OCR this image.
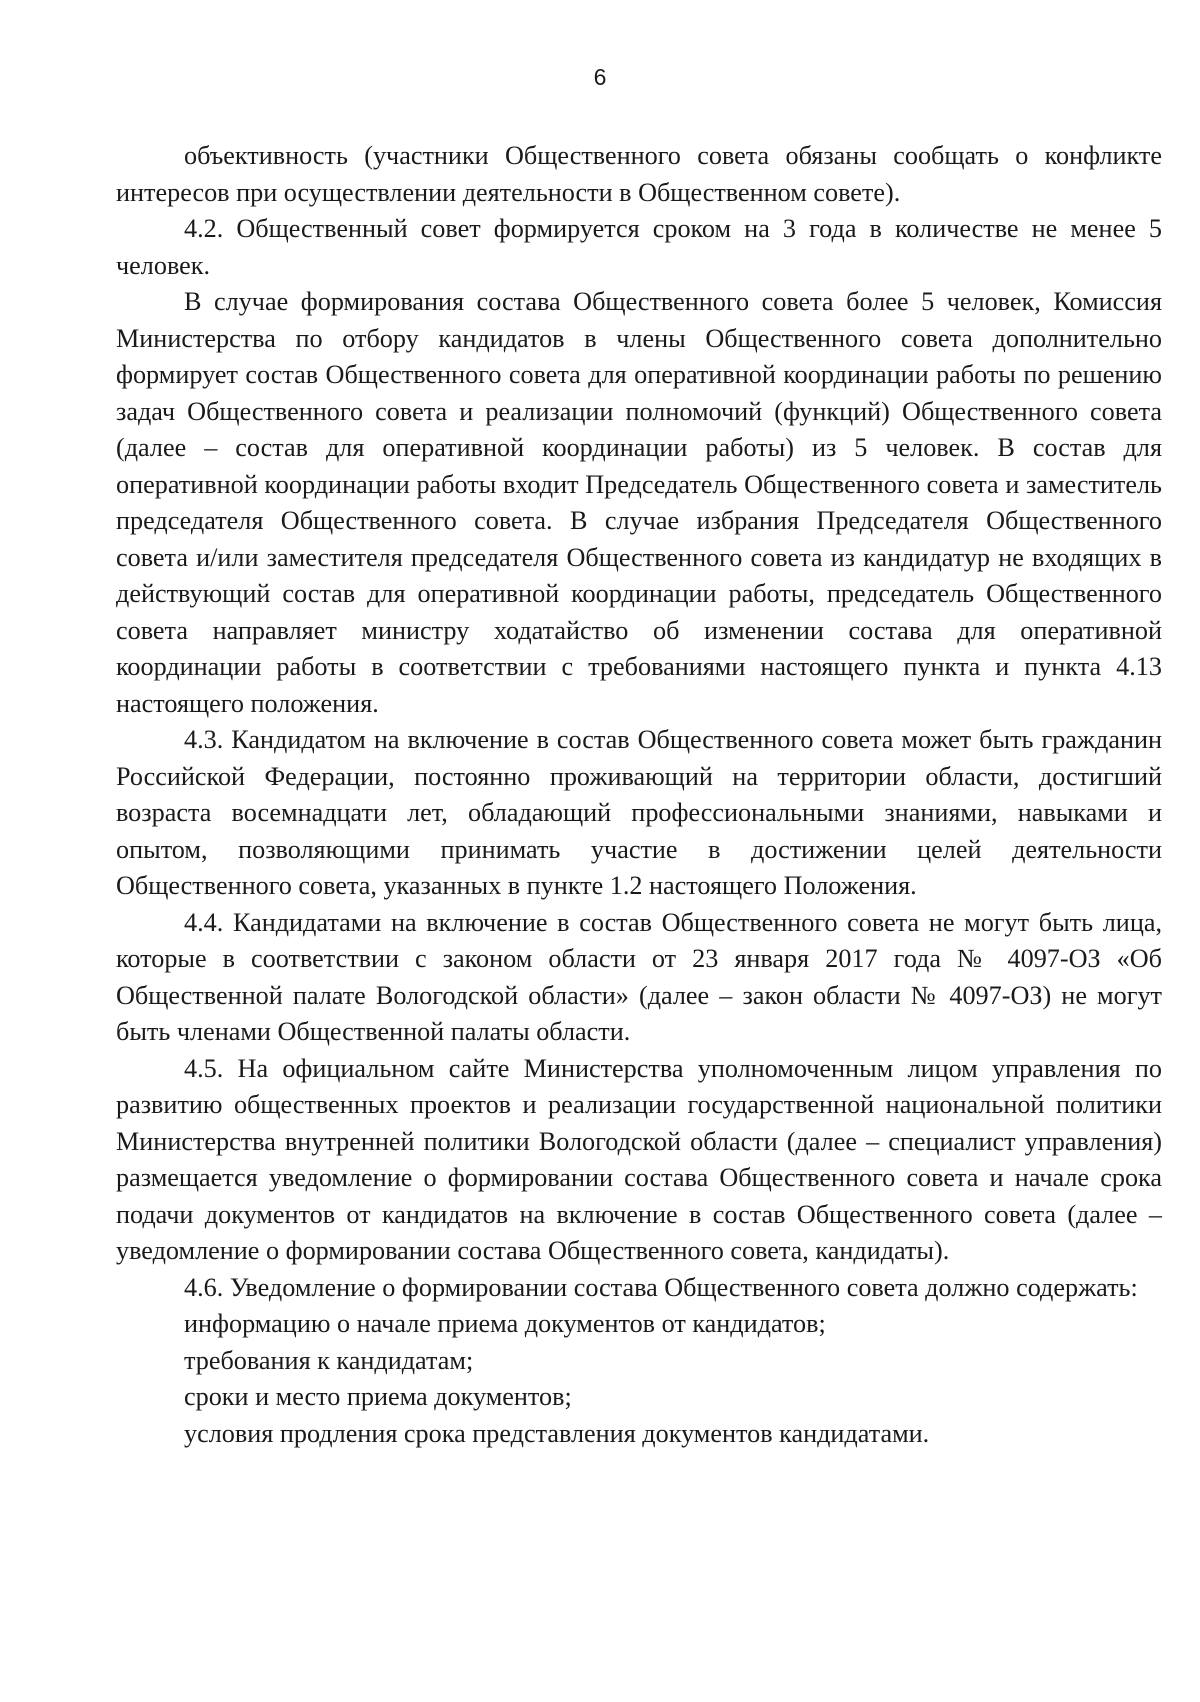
6

объективность (участники Общественного совета обязаны сообщать о конфликте интересов при осуществлении деятельности в Общественном совете).

4.2. Общественный совет формируется сроком на 3 года в количестве не менее 5 человек.

В случае формирования состава Общественного совета более 5 человек, Комиссия Министерства по отбору кандидатов в члены Общественного совета дополнительно формирует состав Общественного совета для оперативной координации работы по решению задач Общественного совета и реализации полномочий (функций) Общественного совета (далее – состав для оперативной координации работы) из 5 человек. В состав для оперативной координации работы входит Председатель Общественного совета и заместитель председателя Общественного совета. В случае избрания Председателя Общественного совета и/или заместителя председателя Общественного совета из кандидатур не входящих в действующий состав для оперативной координации работы, председатель Общественного совета направляет министру ходатайство об изменении состава для оперативной координации работы в соответствии с требованиями настоящего пункта и пункта 4.13 настоящего положения.

4.3. Кандидатом на включение в состав Общественного совета может быть гражданин Российской Федерации, постоянно проживающий на территории области, достигший возраста восемнадцати лет, обладающий профессиональными знаниями, навыками и опытом, позволяющими принимать участие в достижении целей деятельности Общественного совета, указанных в пункте 1.2 настоящего Положения.

4.4. Кандидатами на включение в состав Общественного совета не могут быть лица, которые в соответствии с законом области от 23 января 2017 года № 4097-ОЗ «Об Общественной палате Вологодской области» (далее – закон области № 4097-ОЗ) не могут быть членами Общественной палаты области.

4.5. На официальном сайте Министерства уполномоченным лицом управления по развитию общественных проектов и реализации государственной национальной политики Министерства внутренней политики Вологодской области (далее – специалист управления) размещается уведомление о формировании состава Общественного совета и начале срока подачи документов от кандидатов на включение в состав Общественного совета (далее – уведомление о формировании состава Общественного совета, кандидаты).

4.6. Уведомление о формировании состава Общественного совета должно содержать:

информацию о начале приема документов от кандидатов;

требования к кандидатам;

сроки и место приема документов;

условия продления срока представления документов кандидатами.
